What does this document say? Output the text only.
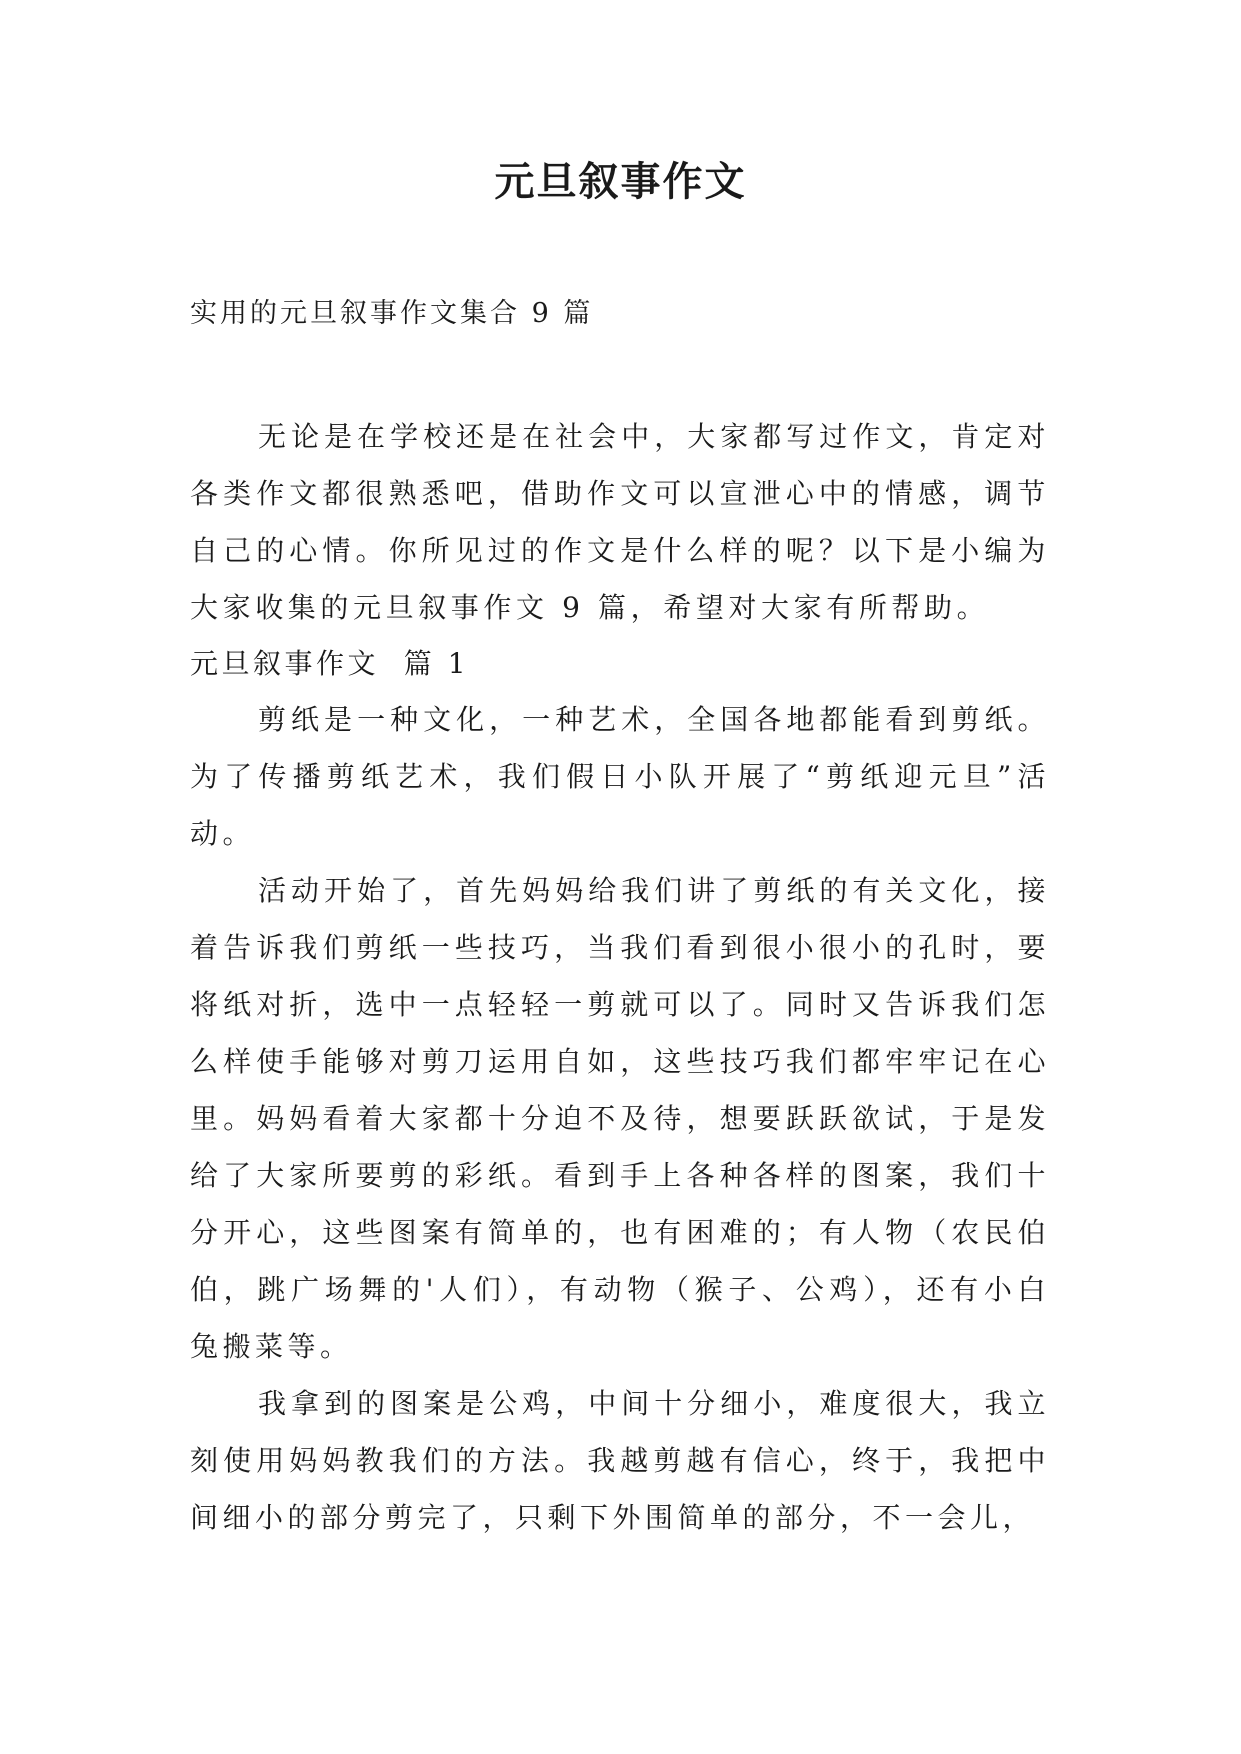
元旦叙事作文

实用的元旦叙事作文集合 9 篇

无论是在学校还是在社会中，大家都写过作文，肯定对各类作文都很熟悉吧，借助作文可以宣泄心中的情感，调节自己的心情。你所见过的作文是什么样的呢？以下是小编为大家收集的元旦叙事作文 9 篇，希望对大家有所帮助。

元旦叙事作文  篇 1

剪纸是一种文化，一种艺术，全国各地都能看到剪纸。为了传播剪纸艺术，我们假日小队开展了“剪纸迎元旦”活动。

活动开始了，首先妈妈给我们讲了剪纸的有关文化，接着告诉我们剪纸一些技巧，当我们看到很小很小的孔时，要将纸对折，选中一点轻轻一剪就可以了。同时又告诉我们怎么样使手能够对剪刀运用自如，这些技巧我们都牢牢记在心里。妈妈看着大家都十分迫不及待，想要跃跃欲试，于是发给了大家所要剪的彩纸。看到手上各种各样的图案，我们十分开心，这些图案有简单的，也有困难的；有人物（农民伯伯，跳广场舞的'人们），有动物（猴子、公鸡），还有小白兔搬菜等。

我拿到的图案是公鸡，中间十分细小，难度很大，我立刻使用妈妈教我们的方法。我越剪越有信心，终于，我把中间细小的部分剪完了，只剩下外围简单的部分，不一会儿，
